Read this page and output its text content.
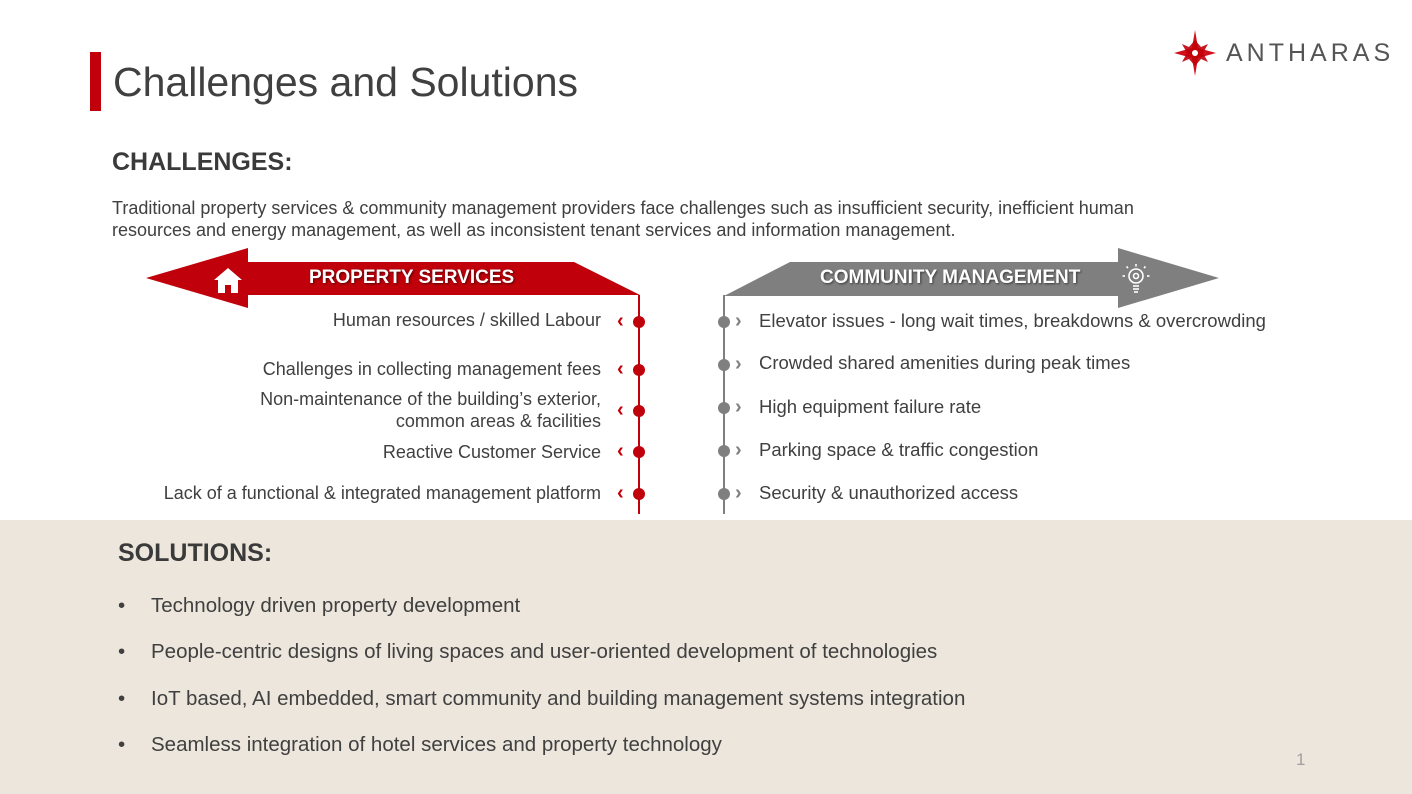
Challenges and Solutions
ANTHARAS
CHALLENGES:
Traditional property services & community management providers face challenges such as insufficient security, inefficient human
resources and energy management, as well as inconsistent tenant services and information management.
PROPERTY SERVICES	COMMUNITY MANAGEMENT
Human resources / skilled Labour ‹
Challenges in collecting management fees ‹
Non-maintenance of the building’s exterior,
common areas & facilities ‹
Reactive Customer Service ‹
Lack of a functional & integrated management platform ‹
› Elevator issues - long wait times, breakdowns & overcrowding
› Crowded shared amenities during peak times
› High equipment failure rate
› Parking space & traffic congestion
› Security & unauthorized access
SOLUTIONS:
• Technology driven property development
• People-centric designs of living spaces and user-oriented development of technologies
• IoT based, AI embedded, smart community and building management systems integration
• Seamless integration of hotel services and property technology
1
